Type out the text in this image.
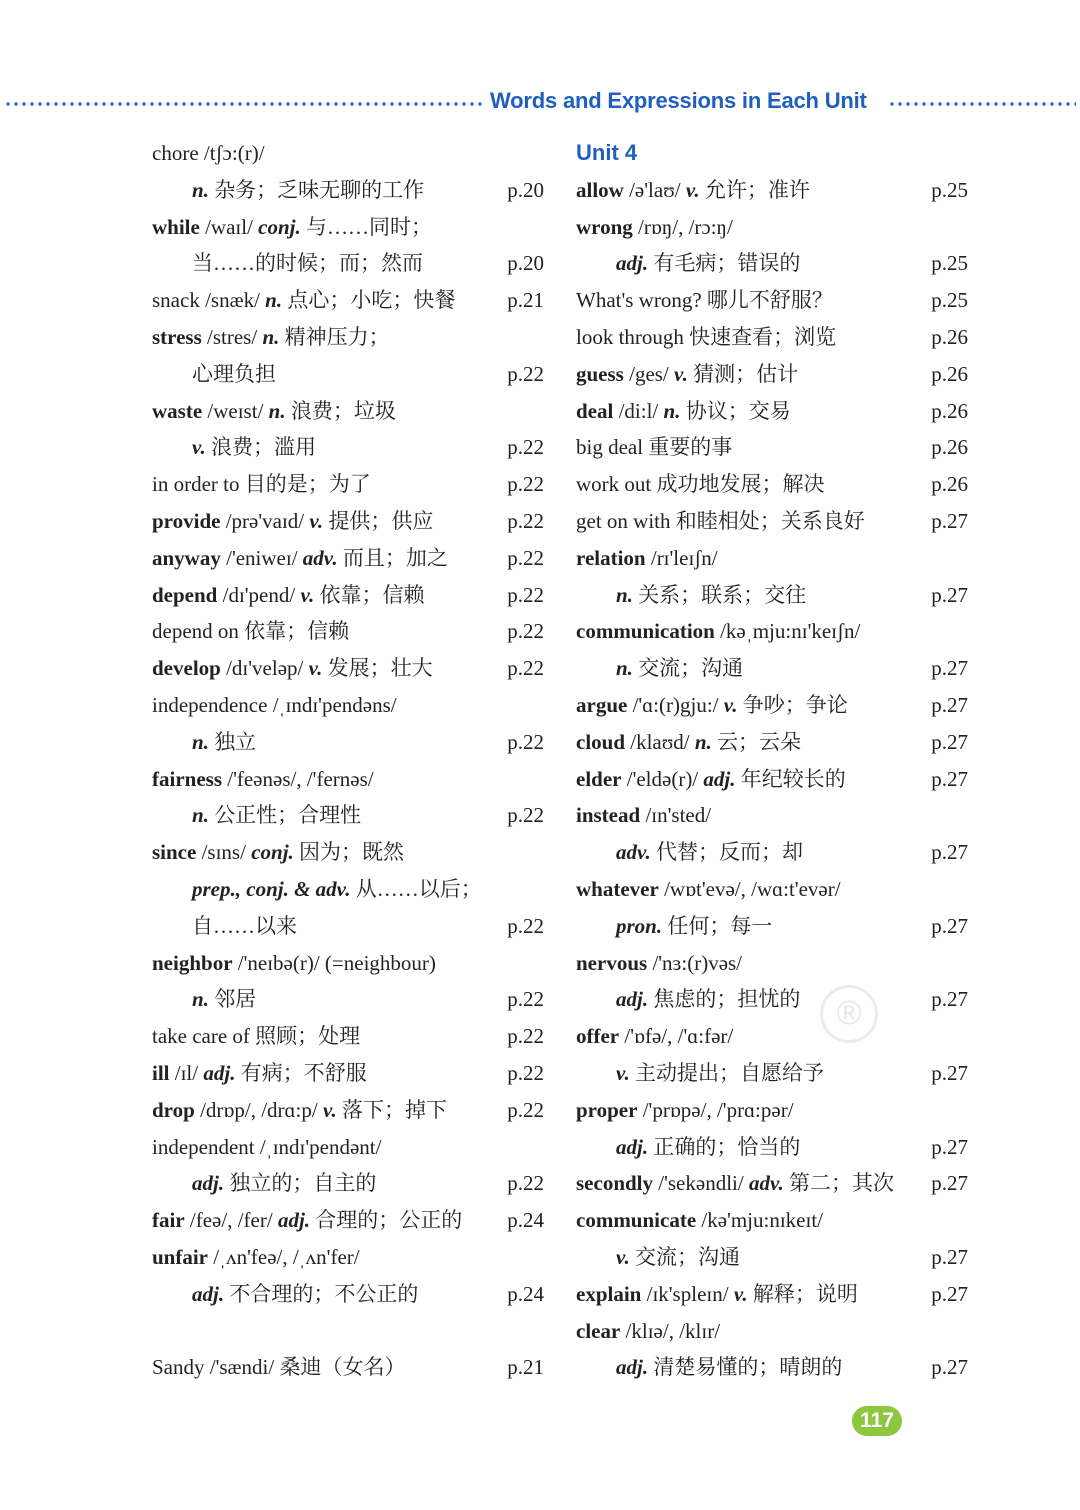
Words and Expressions in Each Unit
chore /tʃɔ:(r)/
n. 杂务；乏味无聊的工作	p.20
while /waɪl/ conj. 与……同时；
当……的时候；而；然而	p.20
snack /snæk/ n. 点心；小吃；快餐 p.21
stress /stres/ n. 精神压力；
心理负担	p.22
waste /weɪst/ n. 浪费；垃圾
v. 浪费；滥用	p.22
in order to 目的是；为了	p.22
provide /prə'vaɪd/ v. 提供；供应	p.22
anyway /'eniweɪ/ adv. 而且；加之	p.22
depend /dɪ'pend/ v. 依靠；信赖	p.22
depend on 依靠；信赖	p.22
develop /dɪ'veləp/ v. 发展；壮大	p.22
independence /ˌɪndɪ'pendəns/
n. 独立	p.22
fairness /'feənəs/, /'fernəs/
n. 公正性；合理性	p.22
since /sɪns/ conj. 因为；既然
prep., conj. & adv. 从……以后；
自……以来	p.22
neighbor /'neɪbə(r)/ (=neighbour)
n. 邻居	p.22
take care of 照顾；处理	p.22
ill /ɪl/ adj. 有病；不舒服	p.22
drop /drɒp/, /drɑ:p/ v. 落下；掉下	p.22
independent /ˌɪndɪ'pendənt/
adj. 独立的；自主的	p.22
fair /feə/, /fer/ adj. 合理的；公正的 p.24
unfair /ˌʌn'feə/, /ˌʌn'fer/
adj. 不合理的；不公正的	p.24
Sandy /'sændi/ 桑迪（女名）	p.21
Unit 4
allow /ə'laʊ/ v. 允许；准许	p.25
wrong /rɒŋ/, /rɔ:ŋ/
adj. 有毛病；错误的	p.25
What's wrong? 哪儿不舒服？	p.25
look through 快速查看；浏览	p.26
guess /ges/ v. 猜测；估计	p.26
deal /di:l/ n. 协议；交易	p.26
big deal 重要的事	p.26
work out 成功地发展；解决	p.26
get on with 和睦相处；关系良好	p.27
relation /rɪ'leɪʃn/
n. 关系；联系；交往	p.27
communication /kəˌmju:nɪ'keɪʃn/
n. 交流；沟通	p.27
argue /'ɑ:(r)gju:/ v. 争吵；争论	p.27
cloud /klaʊd/ n. 云；云朵	p.27
elder /'eldə(r)/ adj. 年纪较长的	p.27
instead /ɪn'sted/
adv. 代替；反而；却	p.27
whatever /wɒt'evə/, /wɑ:t'evər/
pron. 任何；每一	p.27
nervous /'nɜ:(r)vəs/
adj. 焦虑的；担忧的	p.27
offer /'ɒfə/, /'ɑ:fər/
v. 主动提出；自愿给予	p.27
proper /'prɒpə/, /'prɑ:pər/
adj. 正确的；恰当的	p.27
secondly /'sekəndli/ adv. 第二；其次 p.27
communicate /kə'mju:nɪkeɪt/
v. 交流；沟通	p.27
explain /ɪk'spleɪn/ v. 解释；说明	p.27
clear /klɪə/, /klɪr/
adj. 清楚易懂的；晴朗的	p.27
®
117
